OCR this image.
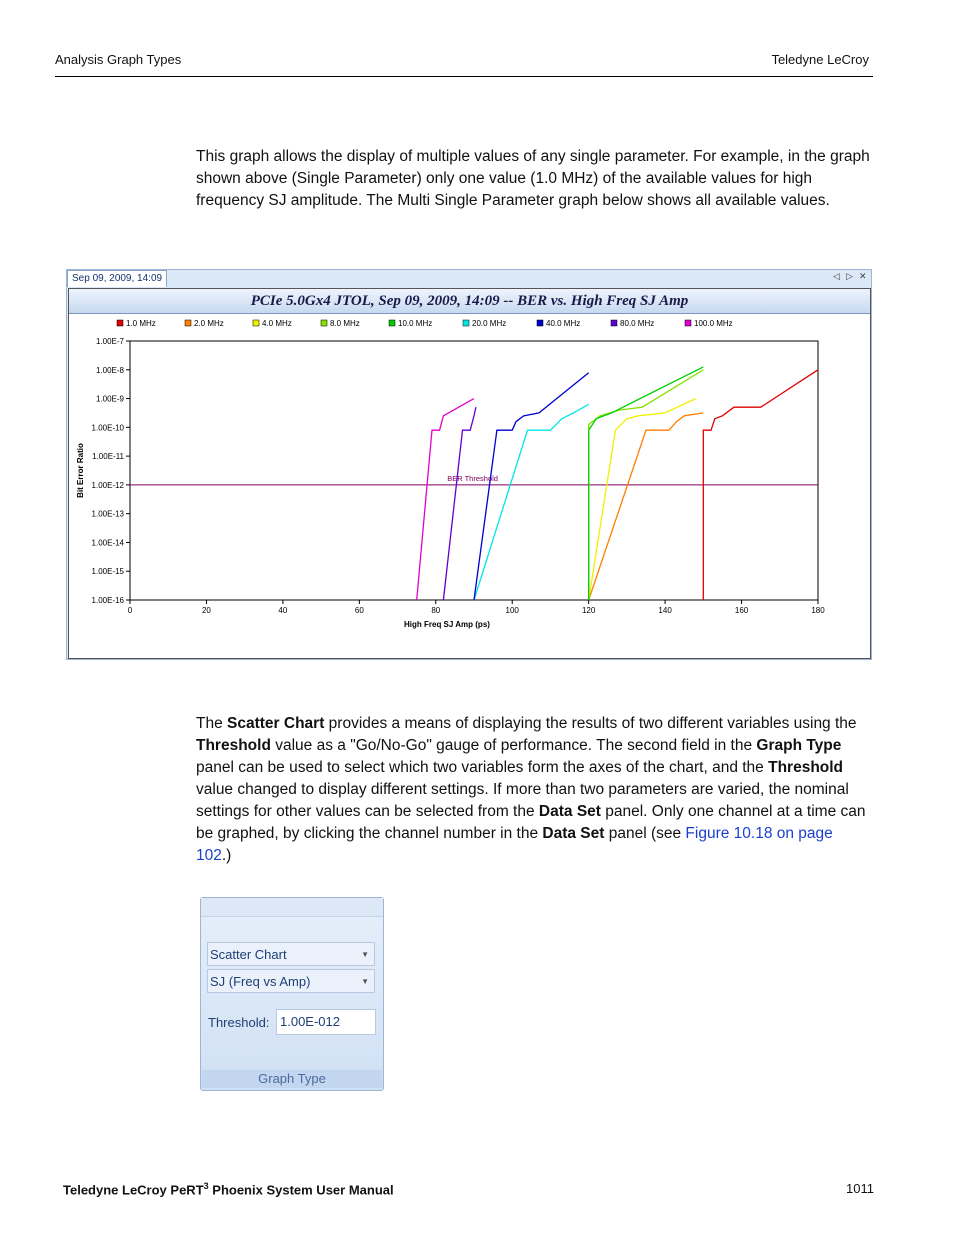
Analysis Graph Types	Teledyne LeCroy
This graph allows the display of multiple values of any single parameter. For example, in the graph shown above (Single Parameter) only one value (1.0 MHz) of the available values for high frequency SJ amplitude. The Multi Single Parameter graph below shows all available values.
Sep 09, 2009, 14:09	◁ ▷ ✕
PCIe 5.0Gx4 JTOL, Sep 09, 2009, 14:09 -- BER vs. High Freq SJ Amp
1.00E-16
1.00E-15
1.00E-14
1.00E-13
1.00E-12
1.00E-11
1.00E-10
1.00E-9
1.00E-8
1.00E-7
0	20	40	60	80	100	120	140	160	180
High Freq SJ Amp (ps)
Bit Error Ratio	BER Threshold
1.0 MHz	2.0 MHz	4.0 MHz	8.0 MHz	10.0 MHz	20.0 MHz	40.0 MHz	80.0 MHz	100.0 MHz
The Scatter Chart provides a means of displaying the results of two different variables using the Threshold value as a "Go/No-Go" gauge of performance. The second field in the Graph Type panel can be used to select which two variables form the axes of the chart, and the Threshold value changed to display different settings. If more than two parameters are varied, the nominal settings for other values can be selected from the Data Set panel. Only one channel at a time can be graphed, by clicking the channel number in the Data Set panel (see Figure 10.18 on page 102.)
Scatter Chart	▼
SJ (Freq vs Amp)	▼
Threshold: 1.00E-012
Graph Type
Teledyne LeCroy PeRT$^3$ Phoenix System User Manual	1011
